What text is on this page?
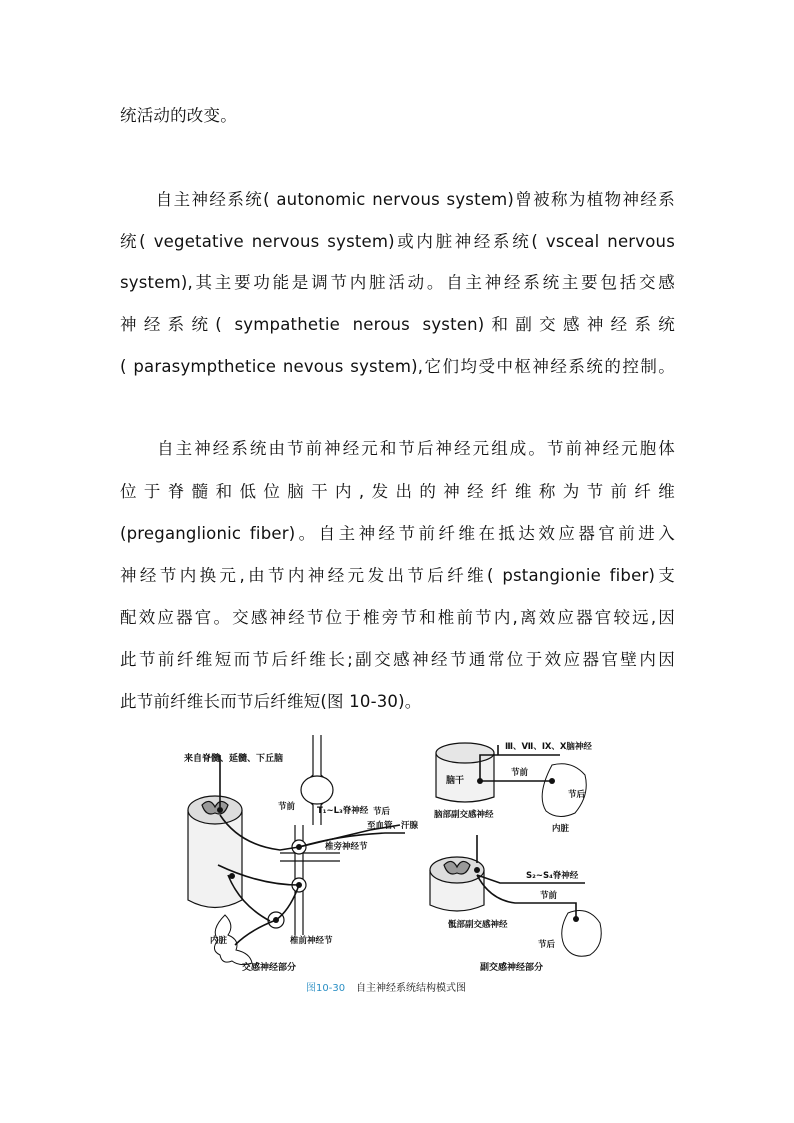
统活动的改变。
　　自主神经系统( autonomic nervous system)曾被称为植物神经系
统( vegetative nervous system)或内脏神经系统( vsceal nervous
system),其主要功能是调节内脏活动。自主神经系统主要包括交感
神经系统( sympathetie nerous systen)和副交感神经系统
( parasympthetice nevous system),它们均受中枢神经系统的控制。
　　自主神经系统由节前神经元和节后神经元组成。节前神经元胞体
位于脊髓和低位脑干内,发出的神经纤维称为节前纤维
(preganglionic fiber)。自主神经节前纤维在抵达效应器官前进入
神经节内换元,由节内神经元发出节后纤维( pstangionie fiber)支
配效应器官。交感神经节位于椎旁节和椎前节内,离效应器官较远,因
此节前纤维短而节后纤维长;副交感神经节通常位于效应器官壁内因
此节前纤维长而节后纤维短(图 10-30)。
来自脊髓、延髓、下丘脑
节前	T₁~L₃脊神经 节后
至血管、汗腺
椎旁神经节
内脏	椎前神经节
交感神经部分
Ⅲ、Ⅶ、Ⅸ、Ⅹ脑神经
脑干
节前
节后
脑部副交感神经
内脏
S₂~S₄脊神经
节前
骶部副交感神经
节后
副交感神经部分
图10-30 自主神经系统结构模式图
